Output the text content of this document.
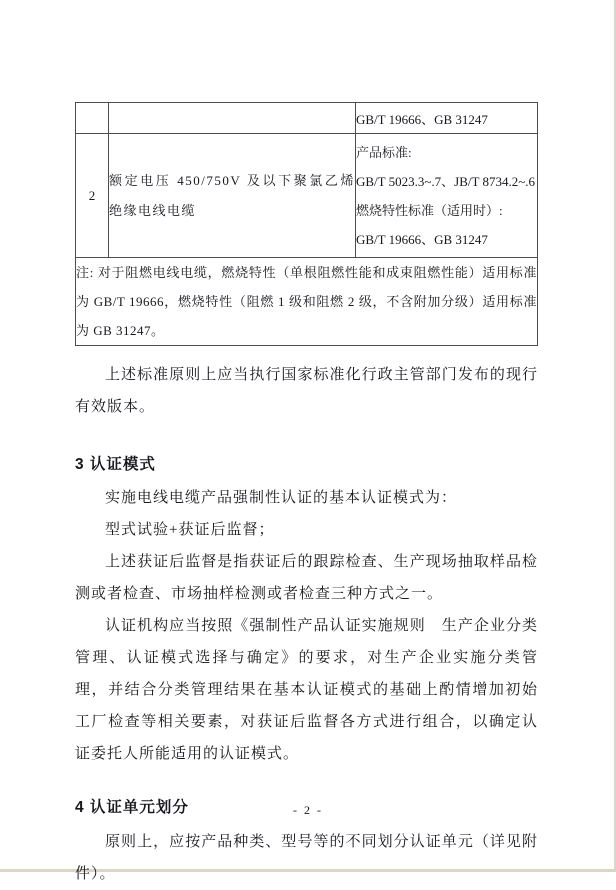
		GB/T 19666、GB 31247
2	额定电压 450/750V 及以下聚氯乙烯绝缘电线电缆	产品标准:
GB/T 5023.3~.7、JB/T 8734.2~.6
燃烧特性标准（适用时）:
GB/T 19666、GB 31247

注: 对于阻燃电线电缆，燃烧特性（单根阻燃性能和成束阻燃性能）适用标准为 GB/T 19666，燃烧特性（阻燃 1 级和阻燃 2 级，不含附加分级）适用标准为 GB 31247。		

上述标准原则上应当执行国家标准化行政主管部门发布的现行有效版本。

3 认证模式

实施电线电缆产品强制性认证的基本认证模式为：

型式试验+获证后监督；

上述获证后监督是指获证后的跟踪检查、生产现场抽取样品检测或者检查、市场抽样检测或者检查三种方式之一。

认证机构应当按照《强制性产品认证实施规则　生产企业分类管理、认证模式选择与确定》的要求，对生产企业实施分类管理，并结合分类管理结果在基本认证模式的基础上酌情增加初始工厂检查等相关要素，对获证后监督各方式进行组合，以确定认证委托人所能适用的认证模式。

4 认证单元划分

原则上，应按产品种类、型号等的不同划分认证单元（详见附件）。

- 2 -
